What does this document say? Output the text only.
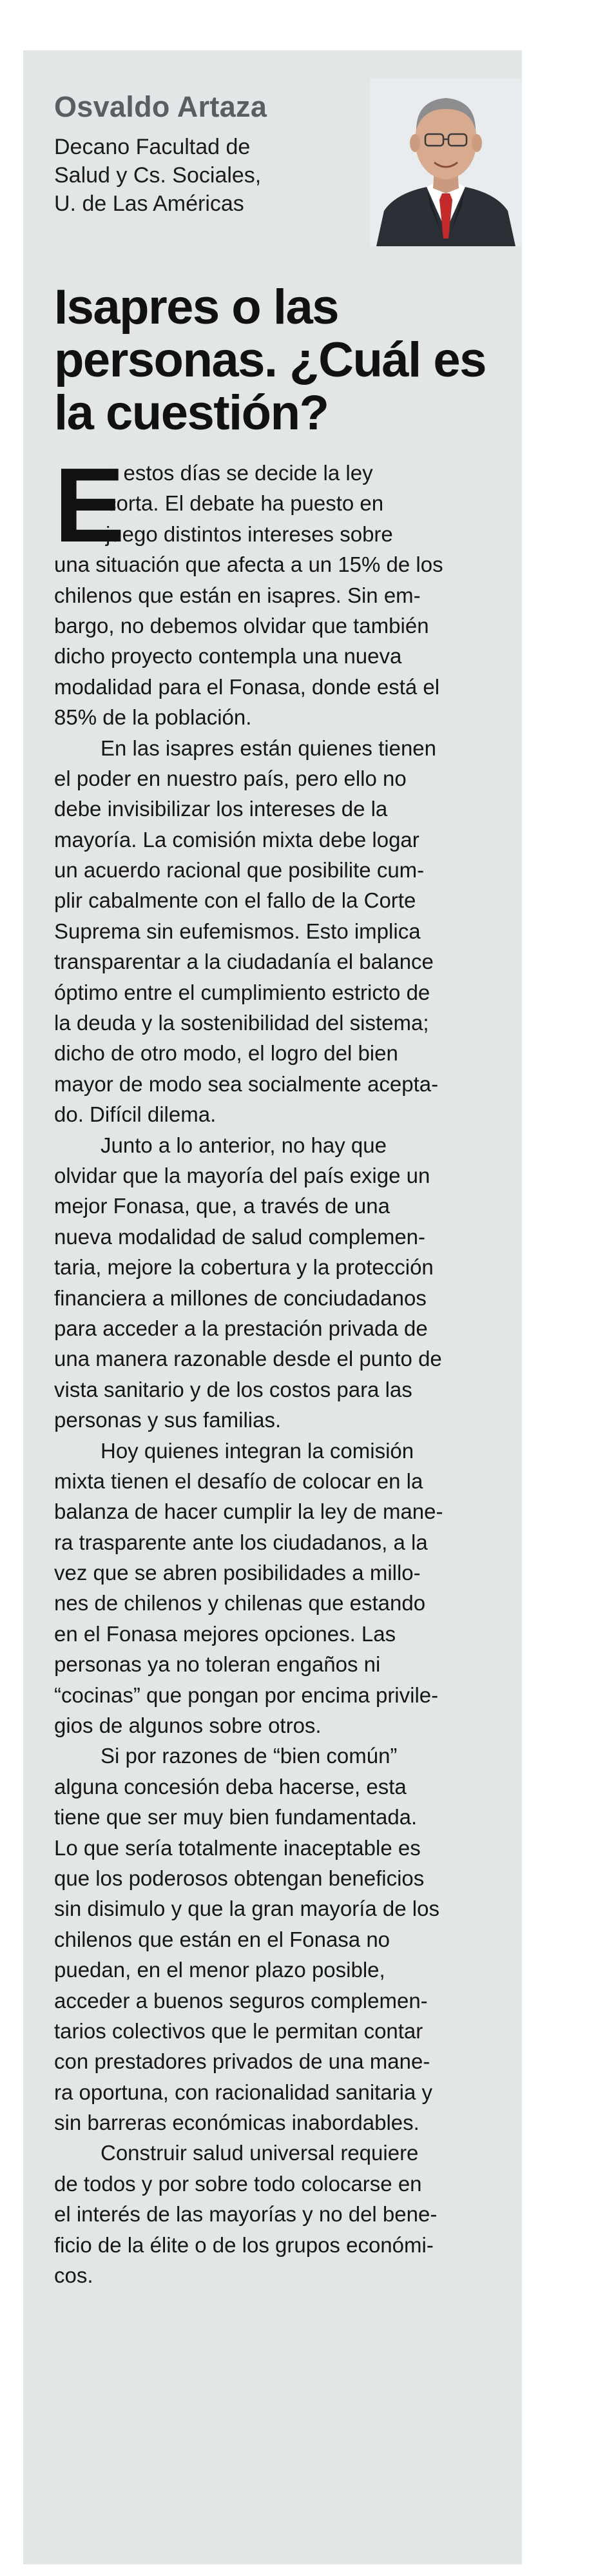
Osvaldo Artaza
Decano Facultad de
Salud y Cs. Sociales,
U. de Las Américas
Isapres o las
personas. ¿Cuál es
la cuestión?
E
n estos días se decide la ley
corta. El debate ha puesto en
juego distintos intereses sobre
una situación que afecta a un 15% de los
chilenos que están en isapres. Sin em-
bargo, no debemos olvidar que también
dicho proyecto contempla una nueva
modalidad para el Fonasa, donde está el
85% de la población.
En las isapres están quienes tienen
el poder en nuestro país, pero ello no
debe invisibilizar los intereses de la
mayoría. La comisión mixta debe logar
un acuerdo racional que posibilite cum-
plir cabalmente con el fallo de la Corte
Suprema sin eufemismos. Esto implica
transparentar a la ciudadanía el balance
óptimo entre el cumplimiento estricto de
la deuda y la sostenibilidad del sistema;
dicho de otro modo, el logro del bien
mayor de modo sea socialmente acepta-
do. Difícil dilema.
Junto a lo anterior, no hay que
olvidar que la mayoría del país exige un
mejor Fonasa, que, a través de una
nueva modalidad de salud complemen-
taria, mejore la cobertura y la protección
financiera a millones de conciudadanos
para acceder a la prestación privada de
una manera razonable desde el punto de
vista sanitario y de los costos para las
personas y sus familias.
Hoy quienes integran la comisión
mixta tienen el desafío de colocar en la
balanza de hacer cumplir la ley de mane-
ra trasparente ante los ciudadanos, a la
vez que se abren posibilidades a millo-
nes de chilenos y chilenas que estando
en el Fonasa mejores opciones. Las
personas ya no toleran engaños ni
“cocinas” que pongan por encima privile-
gios de algunos sobre otros.
Si por razones de “bien común”
alguna concesión deba hacerse, esta
tiene que ser muy bien fundamentada.
Lo que sería totalmente inaceptable es
que los poderosos obtengan beneficios
sin disimulo y que la gran mayoría de los
chilenos que están en el Fonasa no
puedan, en el menor plazo posible,
acceder a buenos seguros complemen-
tarios colectivos que le permitan contar
con prestadores privados de una mane-
ra oportuna, con racionalidad sanitaria y
sin barreras económicas inabordables.
Construir salud universal requiere
de todos y por sobre todo colocarse en
el interés de las mayorías y no del bene-
ficio de la élite o de los grupos económi-
cos.
